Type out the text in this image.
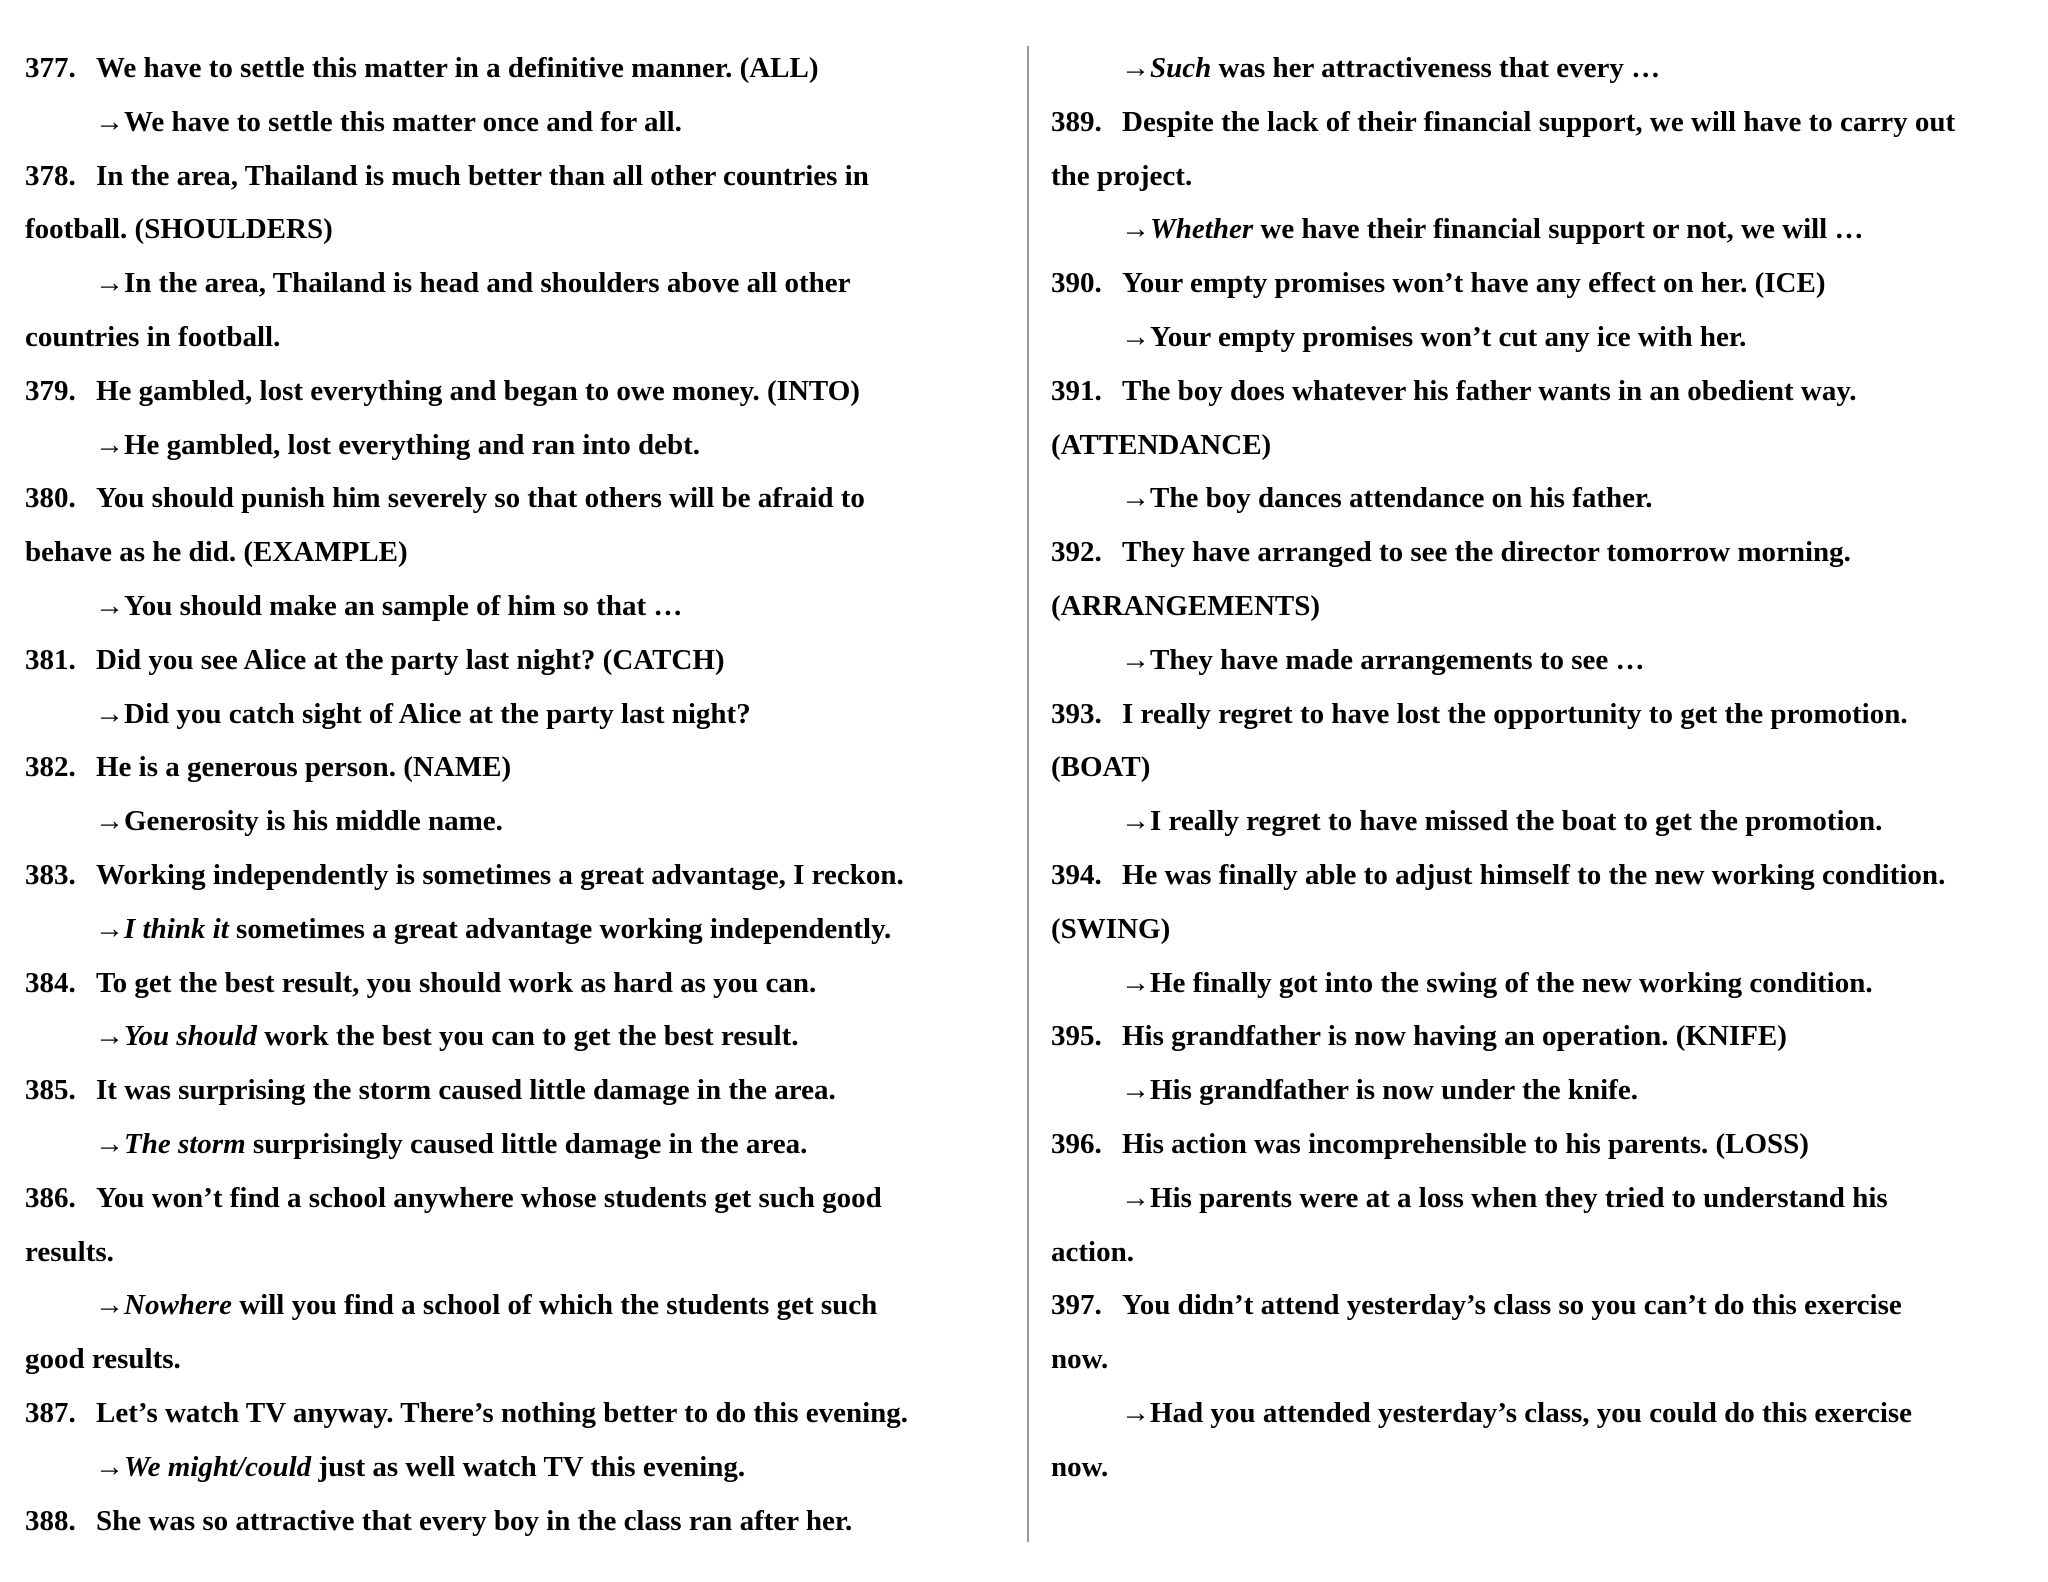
377. We have to settle this matter in a definitive manner. (ALL)
→We have to settle this matter once and for all.
378. In the area, Thailand is much better than all other countries in
football. (SHOULDERS)
→In the area, Thailand is head and shoulders above all other
countries in football.
379. He gambled, lost everything and began to owe money. (INTO)
→He gambled, lost everything and ran into debt.
380. You should punish him severely so that others will be afraid to
behave as he did. (EXAMPLE)
→You should make an sample of him so that …
381. Did you see Alice at the party last night? (CATCH)
→Did you catch sight of Alice at the party last night?
382. He is a generous person. (NAME)
→Generosity is his middle name.
383. Working independently is sometimes a great advantage, I reckon.
→I think it sometimes a great advantage working independently.
384. To get the best result, you should work as hard as you can.
→You should work the best you can to get the best result.
385. It was surprising the storm caused little damage in the area.
→The storm surprisingly caused little damage in the area.
386. You won’t find a school anywhere whose students get such good
results.
→Nowhere will you find a school of which the students get such
good results.
387. Let’s watch TV anyway. There’s nothing better to do this evening.
→We might/could just as well watch TV this evening.
388. She was so attractive that every boy in the class ran after her.
→Such was her attractiveness that every …
389. Despite the lack of their financial support, we will have to carry out
the project.
→Whether we have their financial support or not, we will …
390. Your empty promises won’t have any effect on her. (ICE)
→Your empty promises won’t cut any ice with her.
391. The boy does whatever his father wants in an obedient way.
(ATTENDANCE)
→The boy dances attendance on his father.
392. They have arranged to see the director tomorrow morning.
(ARRANGEMENTS)
→They have made arrangements to see …
393. I really regret to have lost the opportunity to get the promotion.
(BOAT)
→I really regret to have missed the boat to get the promotion.
394. He was finally able to adjust himself to the new working condition.
(SWING)
→He finally got into the swing of the new working condition.
395. His grandfather is now having an operation. (KNIFE)
→His grandfather is now under the knife.
396. His action was incomprehensible to his parents. (LOSS)
→His parents were at a loss when they tried to understand his
action.
397. You didn’t attend yesterday’s class so you can’t do this exercise
now.
→Had you attended yesterday’s class, you could do this exercise
now.
